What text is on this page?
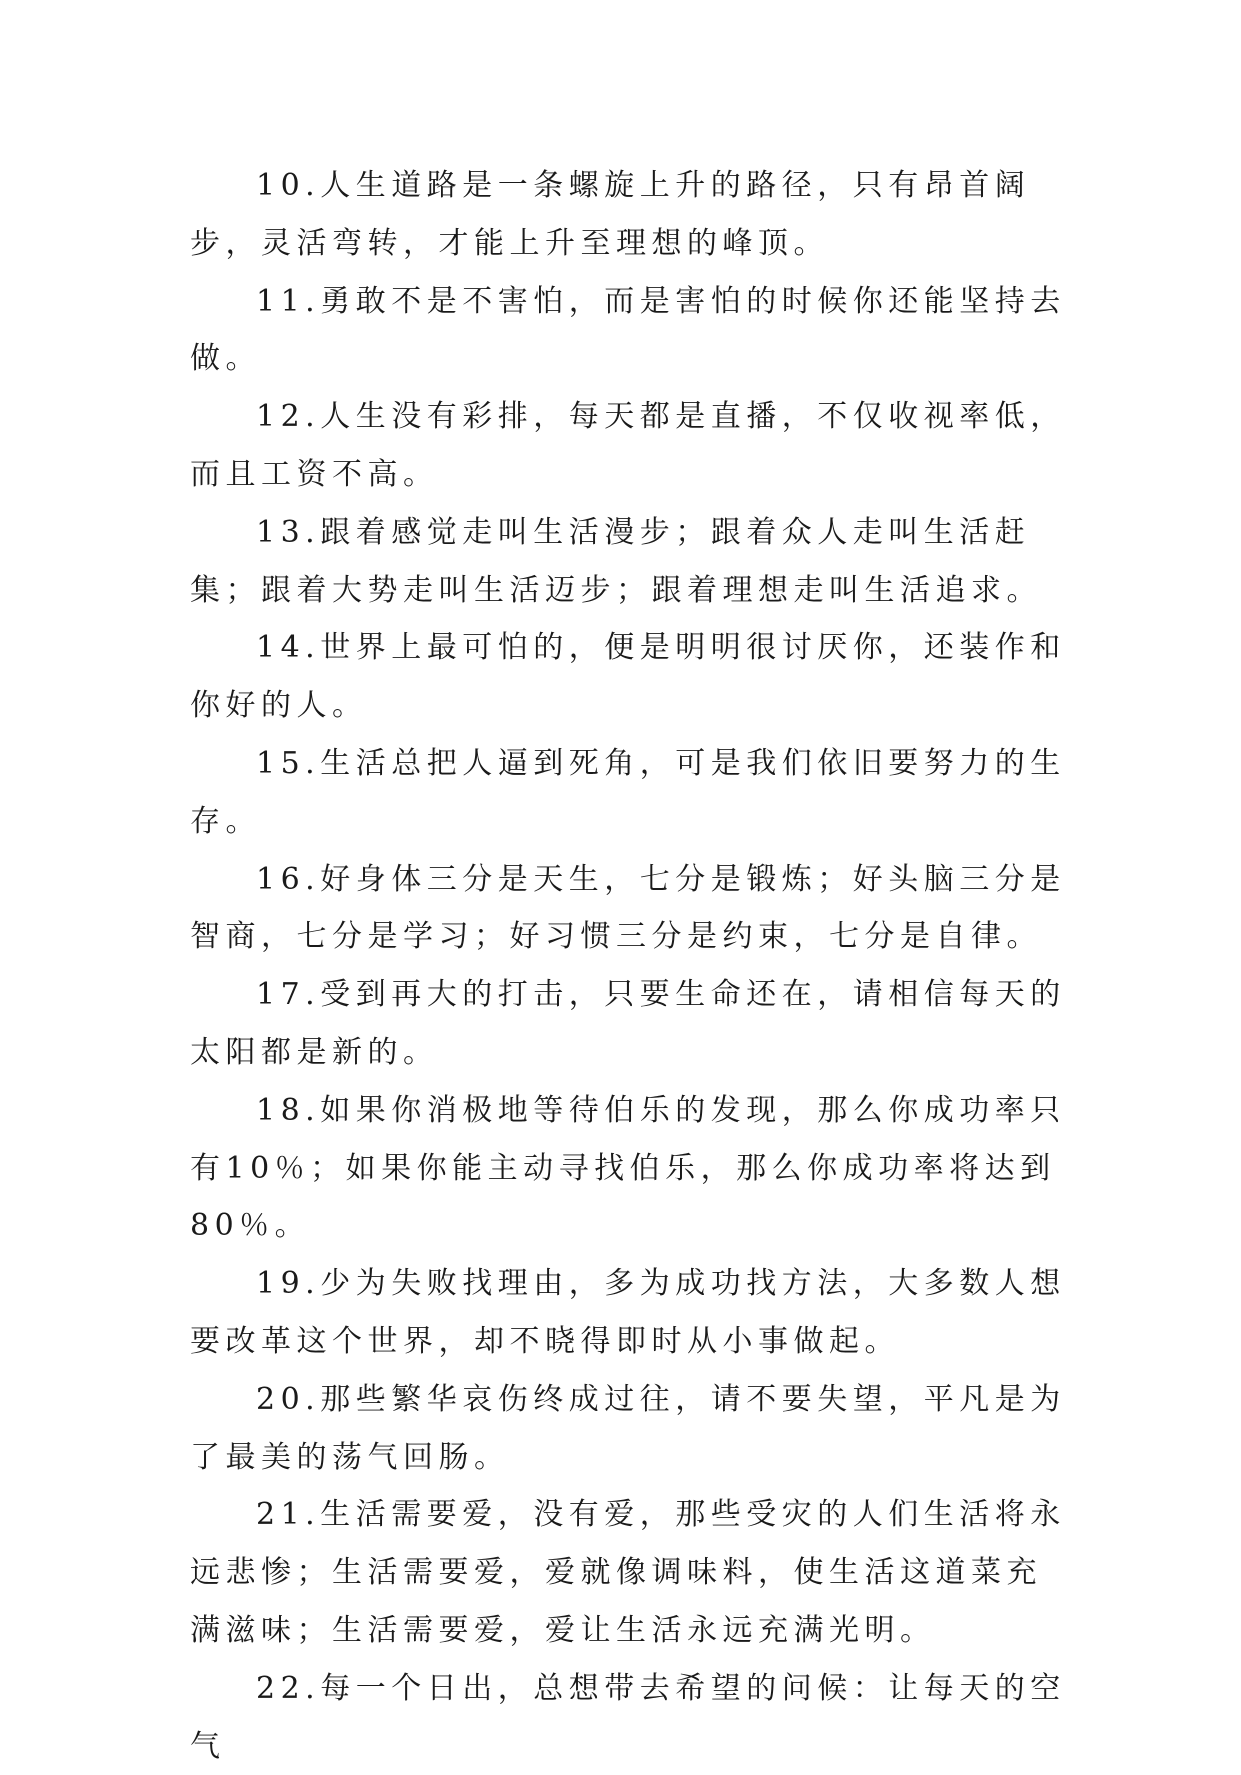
10.人生道路是一条螺旋上升的路径，只有昂首阔步，灵活弯转，才能上升至理想的峰顶。

11.勇敢不是不害怕，而是害怕的时候你还能坚持去做。

12.人生没有彩排，每天都是直播，不仅收视率低，而且工资不高。

13.跟着感觉走叫生活漫步；跟着众人走叫生活赶集；跟着大势走叫生活迈步；跟着理想走叫生活追求。

14.世界上最可怕的，便是明明很讨厌你，还装作和你好的人。

15.生活总把人逼到死角，可是我们依旧要努力的生存。

16.好身体三分是天生，七分是锻炼；好头脑三分是智商，七分是学习；好习惯三分是约束，七分是自律。

17.受到再大的打击，只要生命还在，请相信每天的太阳都是新的。

18.如果你消极地等待伯乐的发现，那么你成功率只有10％；如果你能主动寻找伯乐，那么你成功率将达到80％。

19.少为失败找理由，多为成功找方法，大多数人想要改革这个世界，却不晓得即时从小事做起。

20.那些繁华哀伤终成过往，请不要失望，平凡是为了最美的荡气回肠。

21.生活需要爱，没有爱，那些受灾的人们生活将永远悲惨；生活需要爱，爱就像调味料，使生活这道菜充满滋味；生活需要爱，爱让生活永远充满光明。

22.每一个日出，总想带去希望的问候：让每天的空气
